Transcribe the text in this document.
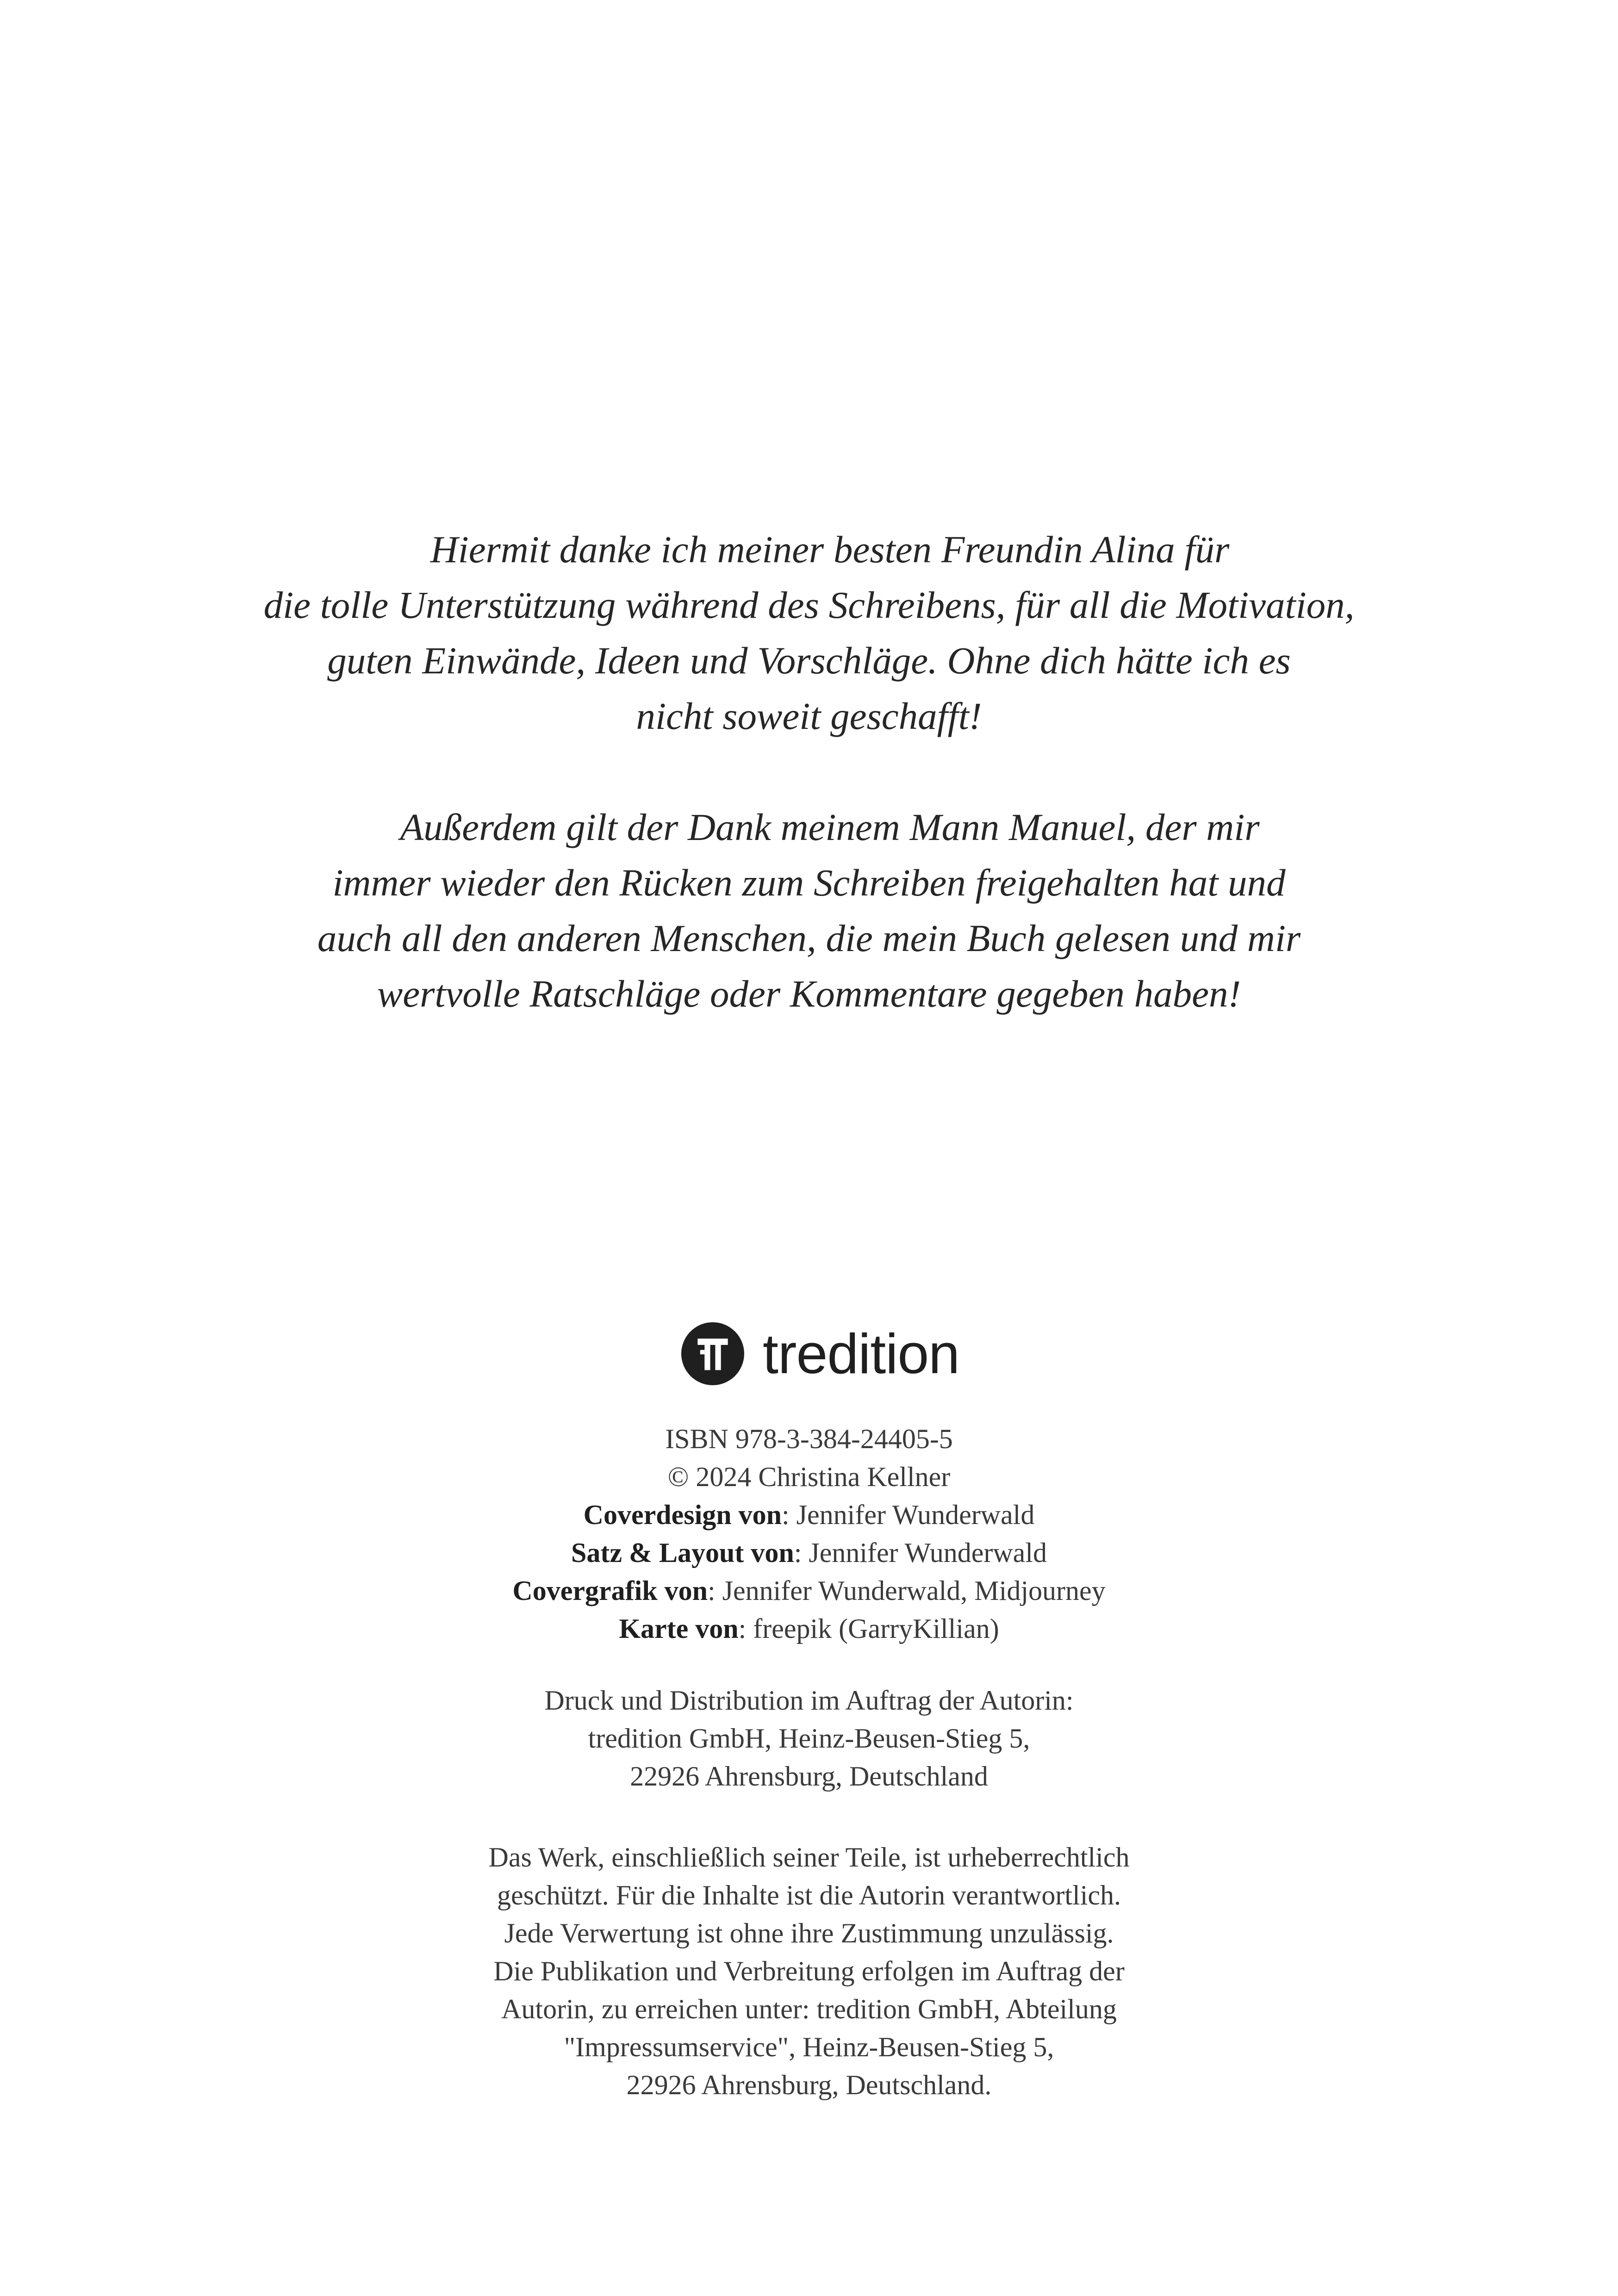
Hiermit danke ich meiner besten Freundin Alina für
die tolle Unterstützung während des Schreibens, für all die Motivation,
guten Einwände, Ideen und Vorschläge. Ohne dich hätte ich es
nicht soweit geschafft!
Außerdem gilt der Dank meinem Mann Manuel, der mir
immer wieder den Rücken zum Schreiben freigehalten hat und
auch all den anderen Menschen, die mein Buch gelesen und mir
wertvolle Ratschläge oder Kommentare gegeben haben!
tredition
ISBN 978-3-384-24405-5
© 2024 Christina Kellner
Coverdesign von: Jennifer Wunderwald
Satz & Layout von: Jennifer Wunderwald
Covergrafik von: Jennifer Wunderwald, Midjourney
Karte von: freepik (GarryKillian)
Druck und Distribution im Auftrag der Autorin:
tredition GmbH, Heinz-Beusen-Stieg 5,
22926 Ahrensburg, Deutschland
Das Werk, einschließlich seiner Teile, ist urheberrechtlich
geschützt. Für die Inhalte ist die Autorin verantwortlich.
Jede Verwertung ist ohne ihre Zustimmung unzulässig.
Die Publikation und Verbreitung erfolgen im Auftrag der
Autorin, zu erreichen unter: tredition GmbH, Abteilung
"Impressumservice", Heinz-Beusen-Stieg 5,
22926 Ahrensburg, Deutschland.
